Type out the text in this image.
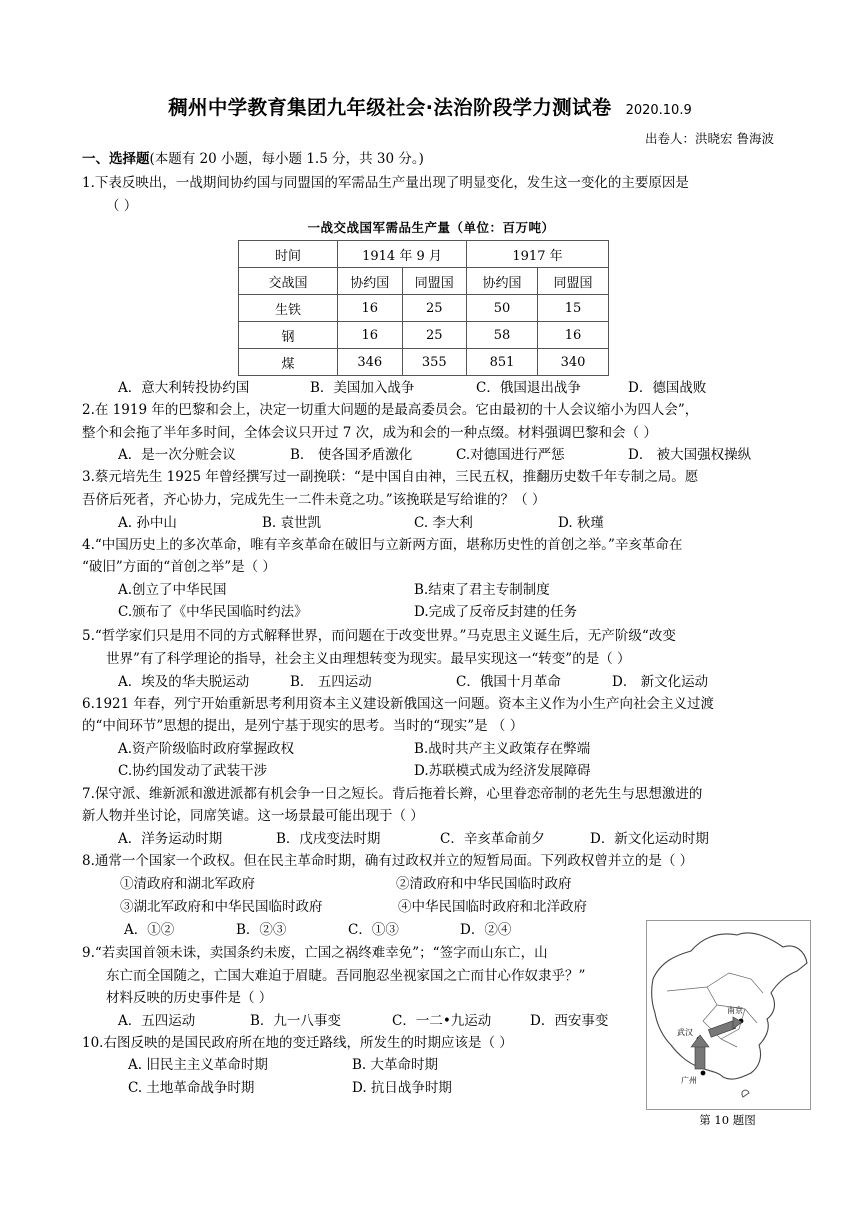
稠州中学教育集团九年级社会·法治阶段学力测试卷 2020.10.9
出卷人：洪晓宏 鲁海波
一、选择题(本题有 20 小题，每小题 1.5 分，共 30 分。)
1.下表反映出，一战期间协约国与同盟国的军需品生产量出现了明显变化，发生这一变化的主要原因是
（ ）
一战交战国军需品生产量（单位：百万吨）
时间	1914 年 9 月		1917 年	
交战国	协约国	同盟国	协约国	同盟国
生铁	16	25	50	15
钢	16	25	58	16
煤	346	355	851	340
A．意大利转投协约国	B．美国加入战争	C．俄国退出战争	D．德国战败
2.在 1919 年的巴黎和会上，决定一切重大问题的是最高委员会。它由最初的十人会议缩小为四人会”，
整个和会拖了半年多时间，全体会议只开过 7 次，成为和会的一种点缀。材料强调巴黎和会（ ）
A．是一次分赃会议	B． 使各国矛盾激化	C.对德国进行严惩	D． 被大国强权操纵
3.蔡元培先生 1925 年曾经撰写过一副挽联：“是中国自由神，三民五权，推翻历史数千年专制之局。愿
吾侪后死者，齐心协力，完成先生一二件未竟之功。”该挽联是写给谁的？（ ）
A. 孙中山	B. 袁世凯	C. 李大利	D. 秋瑾
4.“中国历史上的多次革命，唯有辛亥革命在破旧与立新两方面，堪称历史性的首创之举。”辛亥革命在
“破旧”方面的“首创之举”是（ ）
A.创立了中华民国	B.结束了君主专制制度
C.颁布了《中华民国临时约法》	D.完成了反帝反封建的任务
5.“哲学家们只是用不同的方式解释世界，而问题在于改变世界。”马克思主义诞生后，无产阶级“改变
世界”有了科学理论的指导，社会主义由理想转变为现实。最早实现这一“转变”的是（ ）
A．埃及的华夫脱运动	B． 五四运动	C．俄国十月革命	D． 新文化运动
6.1921 年春，列宁开始重新思考利用资本主义建设新俄国这一问题。资本主义作为小生产向社会主义过渡
的“中间环节”思想的提出，是列宁基于现实的思考。当时的“现实”是 （ ）
A.资产阶级临时政府掌握政权	B.战时共产主义政策存在弊端
C.协约国发动了武装干涉	D.苏联模式成为经济发展障碍
7.保守派、维新派和激进派都有机会争一日之短长。背后拖着长辫，心里眷恋帝制的老先生与思想激进的
新人物并坐讨论，同席笑谑。这一场景最可能出现于（ ）
A．洋务运动时期	B．戊戌变法时期	C．辛亥革命前夕	D．新文化运动时期
8.通常一个国家一个政权。但在民主革命时期，确有过政权并立的短暂局面。下列政权曾并立的是（ ）
①清政府和湖北军政府	②清政府和中华民国临时政府
③湖北军政府和中华民国临时政府	④中华民国临时政府和北洋政府
A．①②	B．②③	C．①③	D．②④
9.“若卖国首领未诛，卖国条约未废，亡国之祸终难幸免”；“签字而山东亡，山
东亡而全国随之，亡国大难迫于眉睫。吾同胞忍坐视家国之亡而甘心作奴隶乎？”
材料反映的历史事件是（ ）
A．五四运动	B．九一八事变	C．一二•九运动	D．西安事变
10.右图反映的是国民政府所在地的变迁路线，所发生的时期应该是（ ）
A. 旧民主主义革命时期	B. 大革命时期
C. 土地革命战争时期	D. 抗日战争时期
南京
武汉
广州
第 10 题图
